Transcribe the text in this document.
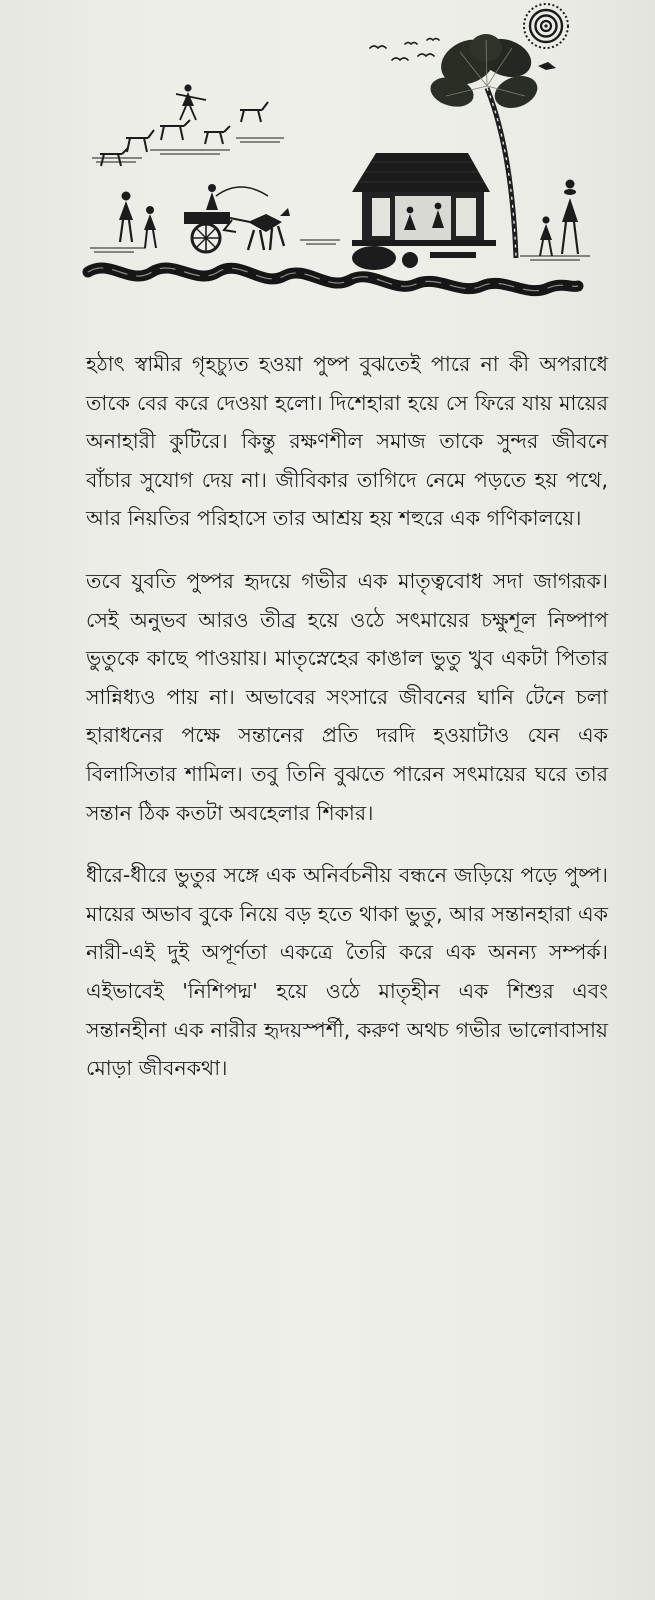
হঠাৎ স্বামীর গৃহচ্যুত হওয়া পুষ্প বুঝতেই পারে না কী অপরাধে তাকে বের করে দেওয়া হলো। দিশেহারা হয়ে সে ফিরে যায় মায়ের অনাহারী কুটিরে। কিন্তু রক্ষণশীল সমাজ তাকে সুন্দর জীবনে বাঁচার সুযোগ দেয় না। জীবিকার তাগিদে নেমে পড়তে হয় পথে, আর নিয়তির পরিহাসে তার আশ্রয় হয় শহুরে এক গণিকালয়ে।

তবে যুবতি পুষ্পর হৃদয়ে গভীর এক মাতৃত্ববোধ সদা জাগরূক। সেই অনুভব আরও তীব্র হয়ে ওঠে সৎমায়ের চক্ষুশূল নিষ্পাপ ভুতুকে কাছে পাওয়ায়। মাতৃস্নেহের কাঙাল ভুতু খুব একটা পিতার সান্নিধ্যও পায় না। অভাবের সংসারে জীবনের ঘানি টেনে চলা হারাধনের পক্ষে সন্তানের প্রতি দরদি হওয়াটাও যেন এক বিলাসিতার শামিল। তবু তিনি বুঝতে পারেন সৎমায়ের ঘরে তার সন্তান ঠিক কতটা অবহেলার শিকার।

ধীরে-ধীরে ভুতুর সঙ্গে এক অনির্বচনীয় বন্ধনে জড়িয়ে পড়ে পুষ্প। মায়ের অভাব বুকে নিয়ে বড় হতে থাকা ভুতু, আর সন্তানহারা এক নারী-এই দুই অপূর্ণতা একত্রে তৈরি করে এক অনন্য সম্পর্ক। এইভাবেই 'নিশিপদ্ম' হয়ে ওঠে মাতৃহীন এক শিশুর এবং সন্তানহীনা এক নারীর হৃদয়স্পর্শী, করুণ অথচ গভীর ভালোবাসায় মোড়া জীবনকথা।
